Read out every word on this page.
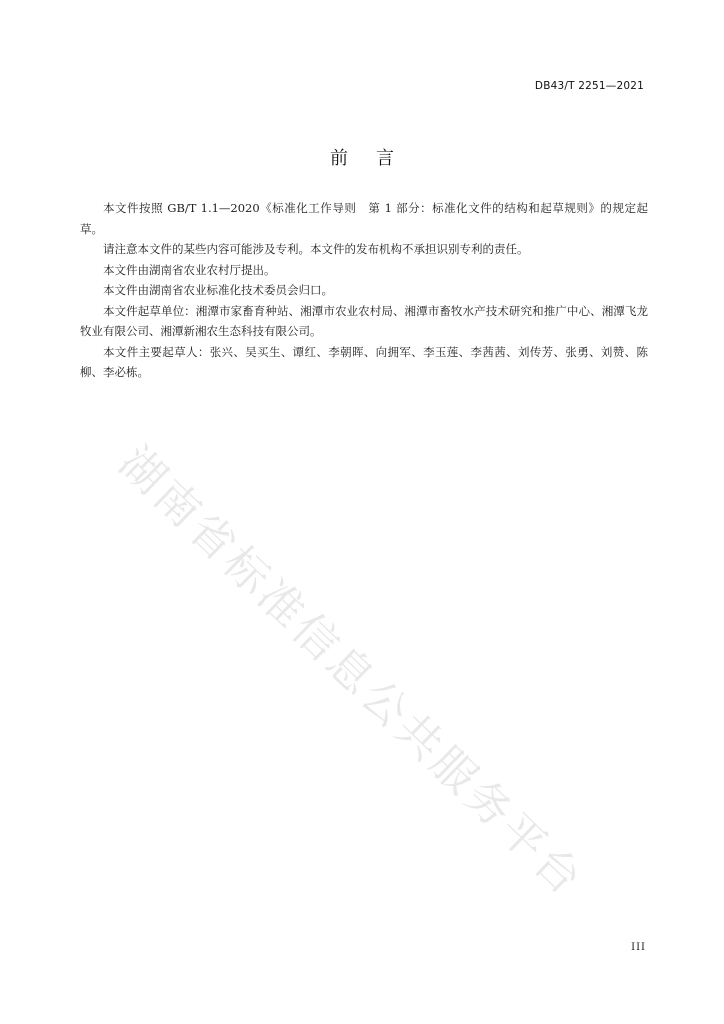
DB43/T 2251—2021
前言

本文件按照 GB/T 1.1—2020《标准化工作导则　第 1 部分：标准化文件的结构和起草规则》的规定起草。

请注意本文件的某些内容可能涉及专利。本文件的发布机构不承担识别专利的责任。

本文件由湖南省农业农村厅提出。

本文件由湖南省农业标准化技术委员会归口。

本文件起草单位：湘潭市家畜育种站、湘潭市农业农村局、湘潭市畜牧水产技术研究和推广中心、湘潭飞龙牧业有限公司、湘潭新湘农生态科技有限公司。

本文件主要起草人：张兴、吴买生、谭红、李朝晖、向拥军、李玉莲、李茜茜、刘传芳、张勇、刘赞、陈柳、李必栋。

湖南省标准信息公共服务平台
III
